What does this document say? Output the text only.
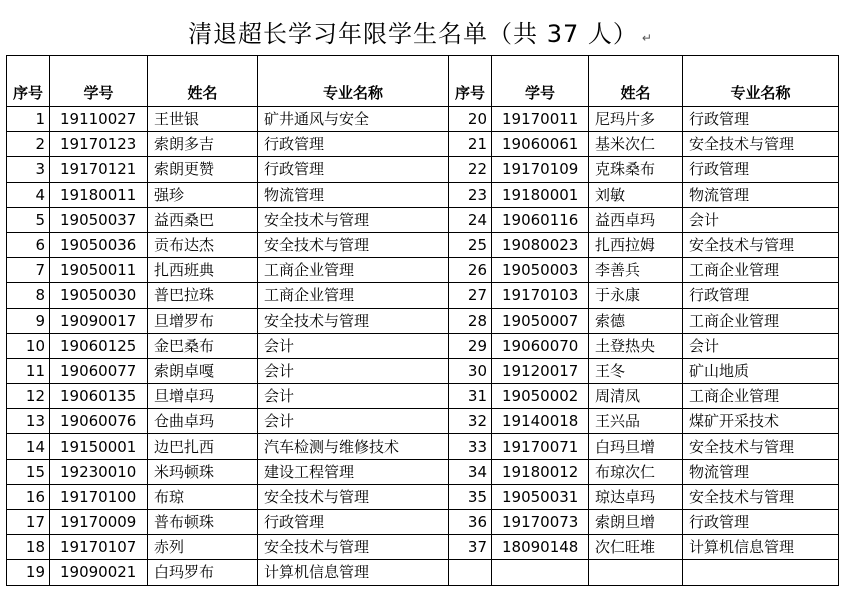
清退超长学习年限学生名单（共 37 人） ↵
序号	学号	姓名	专业名称	序号	学号	姓名	专业名称
1	19110027	王世银	矿井通风与安全	20	19170011	尼玛片多	行政管理
2	19170123	索朗多吉	行政管理	21	19060061	基米次仁	安全技术与管理
3	19170121	索朗更赞	行政管理	22	19170109	克珠桑布	行政管理
4	19180011	强珍	物流管理	23	19180001	刘敏	物流管理
5	19050037	益西桑巴	安全技术与管理	24	19060116	益西卓玛	会计
6	19050036	贡布达杰	安全技术与管理	25	19080023	扎西拉姆	安全技术与管理
7	19050011	扎西班典	工商企业管理	26	19050003	李善兵	工商企业管理
8	19050030	普巴拉珠	工商企业管理	27	19170103	于永康	行政管理
9	19090017	旦增罗布	安全技术与管理	28	19050007	索德	工商企业管理
10	19060125	金巴桑布	会计	29	19060070	土登热央	会计
11	19060077	索朗卓嘎	会计	30	19120017	王冬	矿山地质
12	19060135	旦增卓玛	会计	31	19050002	周清凤	工商企业管理
13	19060076	仓曲卓玛	会计	32	19140018	王兴品	煤矿开采技术
14	19150001	边巴扎西	汽车检测与维修技术	33	19170071	白玛旦增	安全技术与管理
15	19230010	米玛顿珠	建设工程管理	34	19180012	布琼次仁	物流管理
16	19170100	布琼	安全技术与管理	35	19050031	琼达卓玛	安全技术与管理
17	19170009	普布顿珠	行政管理	36	19170073	索朗旦增	行政管理
18	19170107	赤列	安全技术与管理	37	18090148	次仁旺堆	计算机信息管理
19	19090021	白玛罗布	计算机信息管理				
